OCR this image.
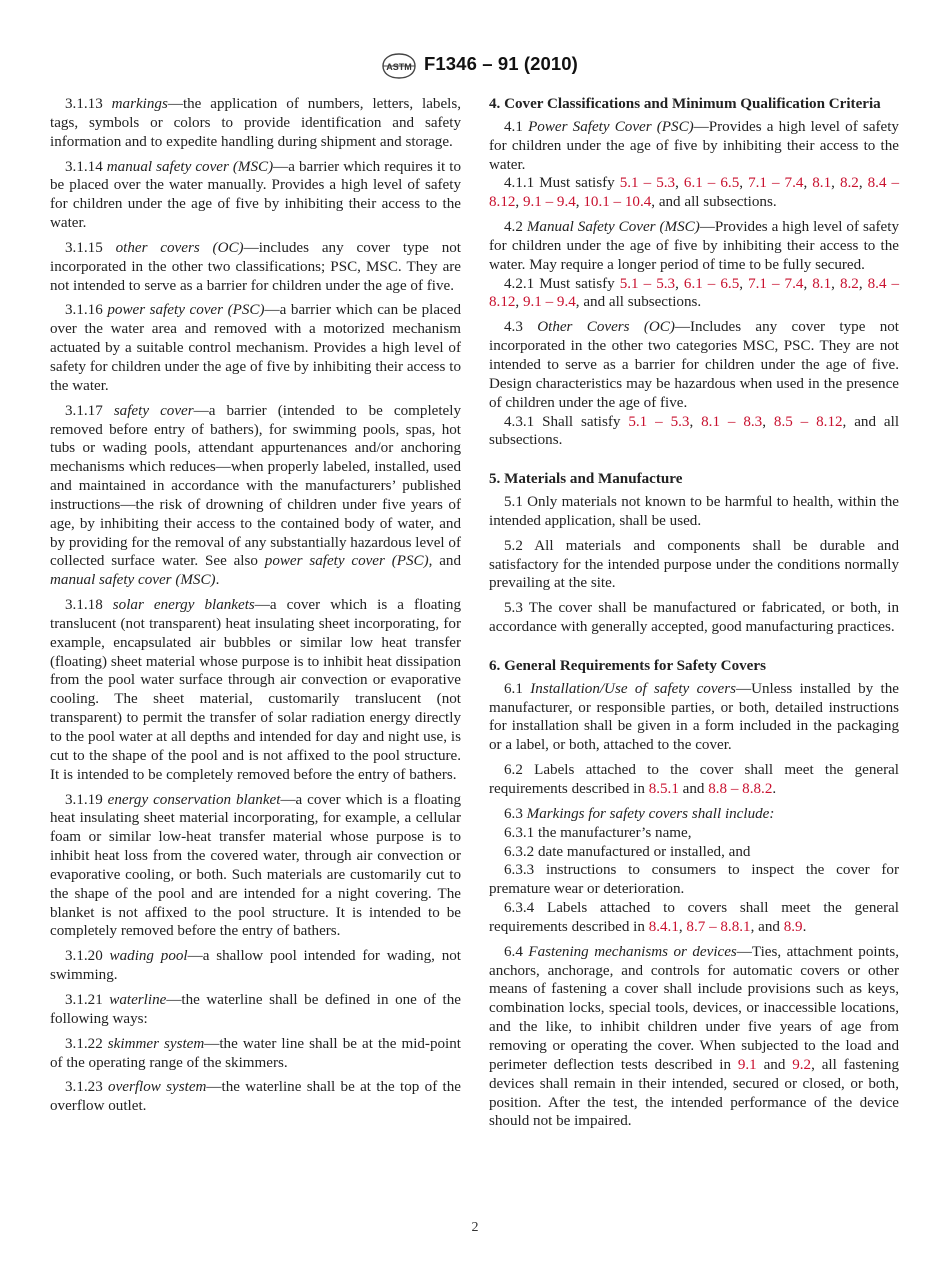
ASTM F1346 – 91 (2010)

3.1.13 markings—the application of numbers, letters, labels, tags, symbols or colors to provide identification and safety information and to expedite handling during shipment and storage.

3.1.14 manual safety cover (MSC)—a barrier which requires it to be placed over the water manually. Provides a high level of safety for children under the age of five by inhibiting their access to the water.

3.1.15 other covers (OC)—includes any cover type not incorporated in the other two classifications; PSC, MSC. They are not intended to serve as a barrier for children under the age of five.

3.1.16 power safety cover (PSC)—a barrier which can be placed over the water area and removed with a motorized mechanism actuated by a suitable control mechanism. Provides a high level of safety for children under the age of five by inhibiting their access to the water.

3.1.17 safety cover—a barrier (intended to be completely removed before entry of bathers), for swimming pools, spas, hot tubs or wading pools, attendant appurtenances and/or anchoring mechanisms which reduces—when properly labeled, installed, used and maintained in accordance with the manufacturers’ published instructions—the risk of drowning of children under five years of age, by inhibiting their access to the contained body of water, and by providing for the removal of any substantially hazardous level of collected surface water. See also power safety cover (PSC), and manual safety cover (MSC).

3.1.18 solar energy blankets—a cover which is a floating translucent (not transparent) heat insulating sheet incorporating, for example, encapsulated air bubbles or similar low heat transfer (floating) sheet material whose purpose is to inhibit heat dissipation from the pool water surface through air convection or evaporative cooling. The sheet material, customarily translucent (not transparent) to permit the transfer of solar radiation energy directly to the pool water at all depths and intended for day and night use, is cut to the shape of the pool and is not affixed to the pool structure. It is intended to be completely removed before the entry of bathers.

3.1.19 energy conservation blanket—a cover which is a floating heat insulating sheet material incorporating, for example, a cellular foam or similar low-heat transfer material whose purpose is to inhibit heat loss from the covered water, through air convection or evaporative cooling, or both. Such materials are customarily cut to the shape of the pool and are intended for a night covering. The blanket is not affixed to the pool structure. It is intended to be completely removed before the entry of bathers.

3.1.20 wading pool—a shallow pool intended for wading, not swimming.

3.1.21 waterline—the waterline shall be defined in one of the following ways:

3.1.22 skimmer system—the water line shall be at the mid-point of the operating range of the skimmers.

3.1.23 overflow system—the waterline shall be at the top of the overflow outlet.

4. Cover Classifications and Minimum Qualification Criteria

4.1 Power Safety Cover (PSC)—Provides a high level of safety for children under the age of five by inhibiting their access to the water.

4.1.1 Must satisfy 5.1 – 5.3, 6.1 – 6.5, 7.1 – 7.4, 8.1, 8.2, 8.4 – 8.12, 9.1 – 9.4, 10.1 – 10.4, and all subsections.

4.2 Manual Safety Cover (MSC)—Provides a high level of safety for children under the age of five by inhibiting their access to the water. May require a longer period of time to be fully secured.

4.2.1 Must satisfy 5.1 – 5.3, 6.1 – 6.5, 7.1 – 7.4, 8.1, 8.2, 8.4 – 8.12, 9.1 – 9.4, and all subsections.

4.3 Other Covers (OC)—Includes any cover type not incorporated in the other two categories MSC, PSC. They are not intended to serve as a barrier for children under the age of five. Design characteristics may be hazardous when used in the presence of children under the age of five.

4.3.1 Shall satisfy 5.1 – 5.3, 8.1 – 8.3, 8.5 – 8.12, and all subsections.

5. Materials and Manufacture

5.1 Only materials not known to be harmful to health, within the intended application, shall be used.

5.2 All materials and components shall be durable and satisfactory for the intended purpose under the conditions normally prevailing at the site.

5.3 The cover shall be manufactured or fabricated, or both, in accordance with generally accepted, good manufacturing practices.

6. General Requirements for Safety Covers

6.1 Installation/Use of safety covers—Unless installed by the manufacturer, or responsible parties, or both, detailed instructions for installation shall be given in a form included in the packaging or a label, or both, attached to the cover.

6.2 Labels attached to the cover shall meet the general requirements described in 8.5.1 and 8.8 – 8.8.2.

6.3 Markings for safety covers shall include:

6.3.1 the manufacturer’s name,

6.3.2 date manufactured or installed, and

6.3.3 instructions to consumers to inspect the cover for premature wear or deterioration.

6.3.4 Labels attached to covers shall meet the general requirements described in 8.4.1, 8.7 – 8.8.1, and 8.9.

6.4 Fastening mechanisms or devices—Ties, attachment points, anchors, anchorage, and controls for automatic covers or other means of fastening a cover shall include provisions such as keys, combination locks, special tools, devices, or inaccessible locations, and the like, to inhibit children under five years of age from removing or operating the cover. When subjected to the load and perimeter deflection tests described in 9.1 and 9.2, all fastening devices shall remain in their intended, secured or closed, or both, position. After the test, the intended performance of the device should not be impaired.

2
